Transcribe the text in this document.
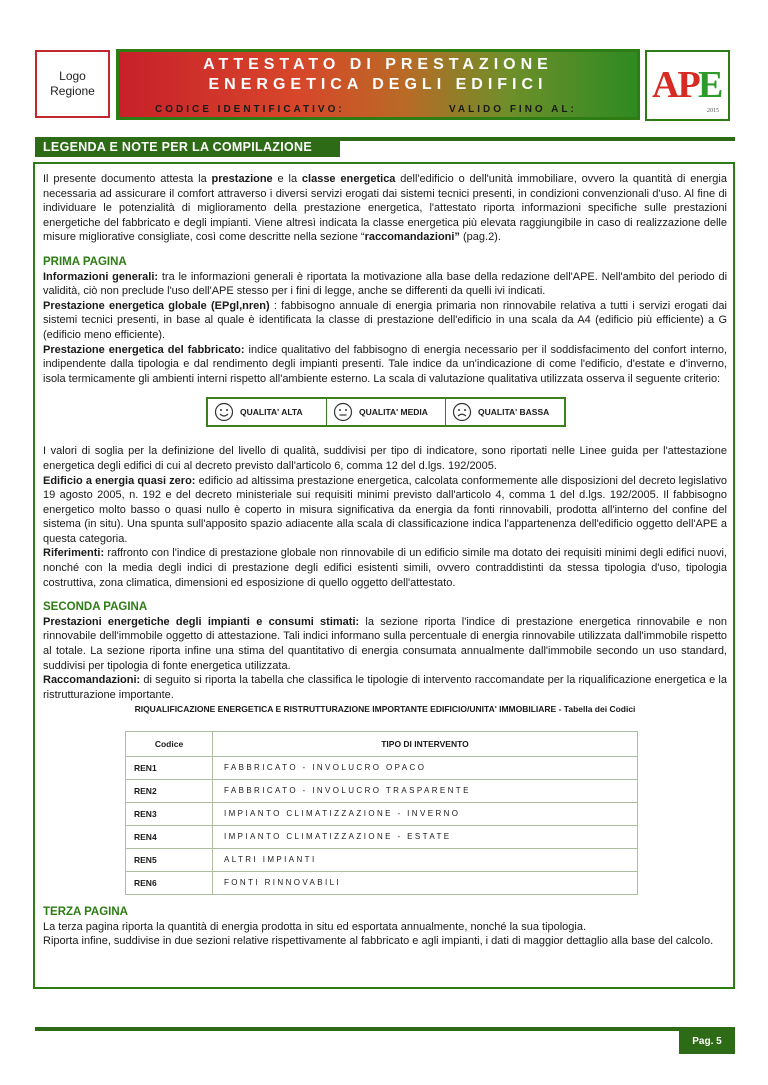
Logo
Regione
ATTESTATO DI PRESTAZIONE
ENERGETICA DEGLI EDIFICI
CODICE IDENTIFICATIVO:	VALIDO FINO AL:
AP E
2015
LEGENDA E NOTE PER LA COMPILAZIONE

Il presente documento attesta la prestazione e la classe energetica dell'edificio o dell'unità immobiliare, ovvero la quantità di energia necessaria ad assicurare il comfort attraverso i diversi servizi erogati dai sistemi tecnici presenti, in condizioni convenzionali d'uso. Al fine di individuare le potenzialità di miglioramento della prestazione energetica, l'attestato riporta informazioni specifiche sulle prestazioni energetiche del fabbricato e degli impianti. Viene altresì indicata la classe energetica più elevata raggiungibile in caso di realizzazione delle misure migliorative consigliate, così come descritte nella sezione “raccomandazioni” (pag.2).

PRIMA PAGINA

Informazioni generali: tra le informazioni generali è riportata la motivazione alla base della redazione dell'APE. Nell'ambito del periodo di validità, ciò non preclude l'uso dell'APE stesso per i fini di legge, anche se differenti da quelli ivi indicati.

Prestazione energetica globale (EPgl,nren) : fabbisogno annuale di energia primaria non rinnovabile relativa a tutti i servizi erogati dai sistemi tecnici presenti, in base al quale è identificata la classe di prestazione dell'edificio in una scala da A4 (edificio più efficiente) a G (edificio meno efficiente).

Prestazione energetica del fabbricato: indice qualitativo del fabbisogno di energia necessario per il soddisfacimento del confort interno, indipendente dalla tipologia e dal rendimento degli impianti presenti. Tale indice da un'indicazione di come l'edificio, d'estate e d'inverno, isola termicamente gli ambienti interni rispetto all'ambiente esterno. La scala di valutazione qualitativa utilizzata osserva il seguente criterio:

QUALITA' ALTA	QUALITA' MEDIA	QUALITA' BASSA

I valori di soglia per la definizione del livello di qualità, suddivisi per tipo di indicatore, sono riportati nelle Linee guida per l'attestazione energetica degli edifici di cui al decreto previsto dall'articolo 6, comma 12 del d.lgs. 192/2005.

Edificio a energia quasi zero: edificio ad altissima prestazione energetica, calcolata conformemente alle disposizioni del decreto legislativo 19 agosto 2005, n. 192 e del decreto ministeriale sui requisiti minimi previsto dall'articolo 4, comma 1 del d.lgs. 192/2005. Il fabbisogno energetico molto basso o quasi nullo è coperto in misura significativa da energia da fonti rinnovabili, prodotta all'interno del confine del sistema (in situ). Una spunta sull'apposito spazio adiacente alla scala di classificazione indica l'appartenenza dell'edificio oggetto dell'APE a questa categoria.

Riferimenti: raffronto con l'indice di prestazione globale non rinnovabile di un edificio simile ma dotato dei requisiti minimi degli edifici nuovi, nonché con la media degli indici di prestazione degli edifici esistenti simili, ovvero contraddistinti da stessa tipologia d'uso, tipologia costruttiva, zona climatica, dimensioni ed esposizione di quello oggetto dell'attestato.

SECONDA PAGINA

Prestazioni energetiche degli impianti e consumi stimati: la sezione riporta l'indice di prestazione energetica rinnovabile e non rinnovabile dell'immobile oggetto di attestazione. Tali indici informano sulla percentuale di energia rinnovabile utilizzata dall'immobile rispetto al totale. La sezione riporta infine una stima del quantitativo di energia consumata annualmente dall'immobile secondo un uso standard, suddivisi per tipologia di fonte energetica utilizzata.

Raccomandazioni: di seguito si riporta la tabella che classifica le tipologie di intervento raccomandate per la riqualificazione energetica e la ristrutturazione importante.

RIQUALIFICAZIONE ENERGETICA E RISTRUTTURAZIONE IMPORTANTE EDIFICIO/UNITA' IMMOBILIARE - Tabella dei Codici

Codice	TIPO DI INTERVENTO
REN1	FABBRICATO - INVOLUCRO OPACO
REN2	FABBRICATO - INVOLUCRO TRASPARENTE
REN3	IMPIANTO CLIMATIZZAZIONE - INVERNO
REN4	IMPIANTO CLIMATIZZAZIONE - ESTATE
REN5	ALTRI IMPIANTI
REN6	FONTI RINNOVABILI

TERZA PAGINA

La terza pagina riporta la quantità di energia prodotta in situ ed esportata annualmente, nonché la sua tipologia.

Riporta infine, suddivise in due sezioni relative rispettivamente al fabbricato e agli impianti, i dati di maggior dettaglio alla base del calcolo.

Pag. 5
